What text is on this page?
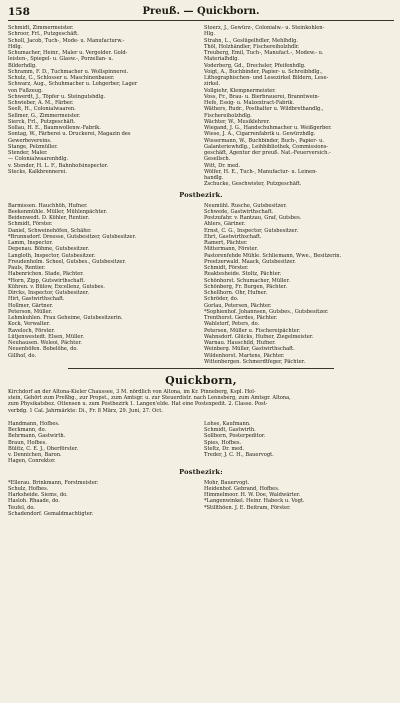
158	Preuß. — Quickborn.
Schmidt, Zimmermeister.
Schroor, Frl., Putzgeschäft.
Scholl, Jacob, Tuch-, Mode- u. Manufacturw.-
Hdlg.
Schumacher, Heinr., Maler u. Vergolder. Gold-
leisten-, Spiegel- u. Glasw.-, Porzellan- u.
Bilderhdlg.
Schramm, F. D., Tuchmacher u. Wollspinnerei.
Schulz, C., Schlosser u. Maschinenbauer.
Schwarz, Aug., Schuhmacher u. Lohgerber, Lager
von Fußzeug.
Schwerdt, J., Töpfer u. Steingutshdlg.
Schwieber, A. M., Färber.
Seelt, H., Colonialwaaren.
Sellmer, G., Zimmermeister.
Sierck, Frl., Putzgeschäft.
Sollau, H. E., Baumwollenw.-Fabrik.
Sontag, W., Färberei u. Druckerei, Magazin des
Gewerbevereins.
Stange, Pelzmüller.
Stender, Maler.
— Colonialwaarenhdlg.
v. Stender, H. L. F., Bahnhofsinspector.
Stecks, Kalkbrennerei.
Stoerz, J., Gewürz-, Colonialw.- u. Steinkohlen-
Hlg.
Strahn, L., Geslügelhdler, Mehlhdlg.
Thöl, Holzhändler, Fischereiholzhdlr.
Treuberg, Emil, Tuch-, Manufact.-, Modew.- u.
Materialhdlg.
Voderberg, Gd., Drechsler, Pfeifenhdlg.
Voigt, A., Buchbinder, Papier- u. Schreibhdlg.,
Lithographischen- und Lesezirkel Bildern, Lese-
zirkel.
Vollgiehr, Klempnermeister.
Voss, Fr., Brau- u. Bierbrauerei, Branntwein-
Hefe, Essig- u. Malzextract-Fabrik.
Wäthers, Rudr., Posthalter u. Wildbrethandlg.,
Fischereiholzhdlg.
Wächter, W., Musiklehrer.
Wiegand, J. G., Handschuhmacher u. Weißgerber.
Wiese, J. A., Cigarrenfabrik u. Gewürzhdlg.
Wissermann, W., Buchbinder, Buch-, Papier- u.
Galanteriewhdlg., Leihbibliothek, Commissions-
geschäft, Agentur der preuß. Nat.-Feuerversich.-
Gesellsch.
Witt, Dr. med.
Wölfer, H. E., Tuch-, Manufactur- u. Leinen-
handlg.
Zschucke, Geschwister, Putzgeschäft.
Postbezirk.
Barmissen. Hauchhöh, Hufner.
Beekenmühle. Müller, Mühlenpächter.
Beidenwedt. D. Köhler, Rentier.
Schmidt, Förster.
Daniel, Schweinehöfen, Schäfer.
*Brunnsdorf. Dreesse, Gutsbesitzer, Gutsbesitzer.
Lamm, Inspector.
Depenau. Böhme, Gutsbesitzer.
Langloth, Inspector, Gutsbesitzer.
Freudenholm. Scheel, Gutsbes., Gutsbesitzer.
Pauls, Rentier.
Habenrichen. Stade, Pächter.
*Horn, Zipp, Gutswirthschaft.
Kühren. v. Bülow, Excellenz, Gutsbes.
Dircks, Inspector, Gutsbesitzer.
Hirt, Gastwirthschaft.
Hollmer, Gärtner.
Peterson, Müller.
Lehmkuhlen. Frau Geheime, Gutsbesitzerin.
Kock, Verwalter.
Raveloch, Förster.
Lütjenwestedt. Elsen, Müller.
Neuhausen. Weleoi, Pächter.
Neuenhöfen. Bobelöhe, do.
Gillhof, do.
Neumühl. Rusche, Gutsbesitzer.
Schwede, Gastwirthschaft.
Postzufahr. v. Rantzau, Graf, Gutsbes.
Ahlers, Gärtner.
Ernst, C. G., Inspector, Gutsbesitzer.
Ehrt, Gastwirthschaft.
Ramert, Pächter.
Mittermann, Förster.
Pastorenfehde Mühle. Schliemann, Wwe., Besitzerin.
Preetzerwald. Maack, Gutsbesitzer.
Schmidt, Förster.
Reaktesheide. Stoltz, Pächter.
Schönhorst. Schumacher, Müller.
Schönberg, Fr. Burgen, Pächter.
Schellhorn. Ohr, Hufner.
Schröder, do.
Gorlau, Petersen, Pächter.
*Sophienhof. Johannsen, Gutsbes., Gutsbesitzer.
Trenthorst. Gerdes, Pächter.
Wahlstorf, Peters, do.
Petersen, Müller u. Fischereipächter.
Wahnsdorf. Glücks, Hufner, Ziegelmeister.
Warnau. Hauschild, Hufner.
Weinberg. Müller, Gastwirthschaft.
Wildenhorst. Martens, Pächter.
Wittenbergen. Schmerdtfeger, Pächter.
Quickborn,
Kirchdorf an der Altona-Kieler Chaussee, 3 M. nördlich von Altona, im Kr. Pinneberg, Kspl. Hol-
stein, Gehört zum Preßbg., zur Propst., zum Amtsgr. u. zur Steuerdistr. nach Lennsberg, zum Amtsgr. Altona,
zum Physikatsbez. Ottensen u. zum Postbezirk 1. Langen'elde. Hat eine Postexpedit. 2. Classe. Post-
verbdg. 1 Cal. Jahrmärkte: Di., Fr. 8 März, 29. Juni, 27. Oct.
Handmann, Hofbes.
Beckmann, do.
Behrmann, Gastwirth.
Braun, Hofbes.
Bülitz, C. E. J., Oberförster.
v. Dennichen, Baron.
Hagen, Conrektor.
Lohse, Kaufmann.
Schmidt, Gastwirth.
Sollborn, Posterpeditor.
Spies, Hofbes.
Steltz, Dr. med.
Treder, J. C. H., Bauervogt.
Postbezirk:
*Ellerau. Brinkmann, Forstmeister.
Schulz, Hofbes.
Harksheide. Siems, do.
Hasloh. Rhaade, do.
Teufel, do.
Schadendorf. Gemaldmachtigter.
Mohr, Bauervogt.
Heidenhof. Gebrand, Hofbes.
Himmelmoor. H. W. Doe, Waldwärter.
*Langenwinkel. Heinr. Habeck u. Vogt.
*Stillthöen. J. E. Beitram, Förster.
